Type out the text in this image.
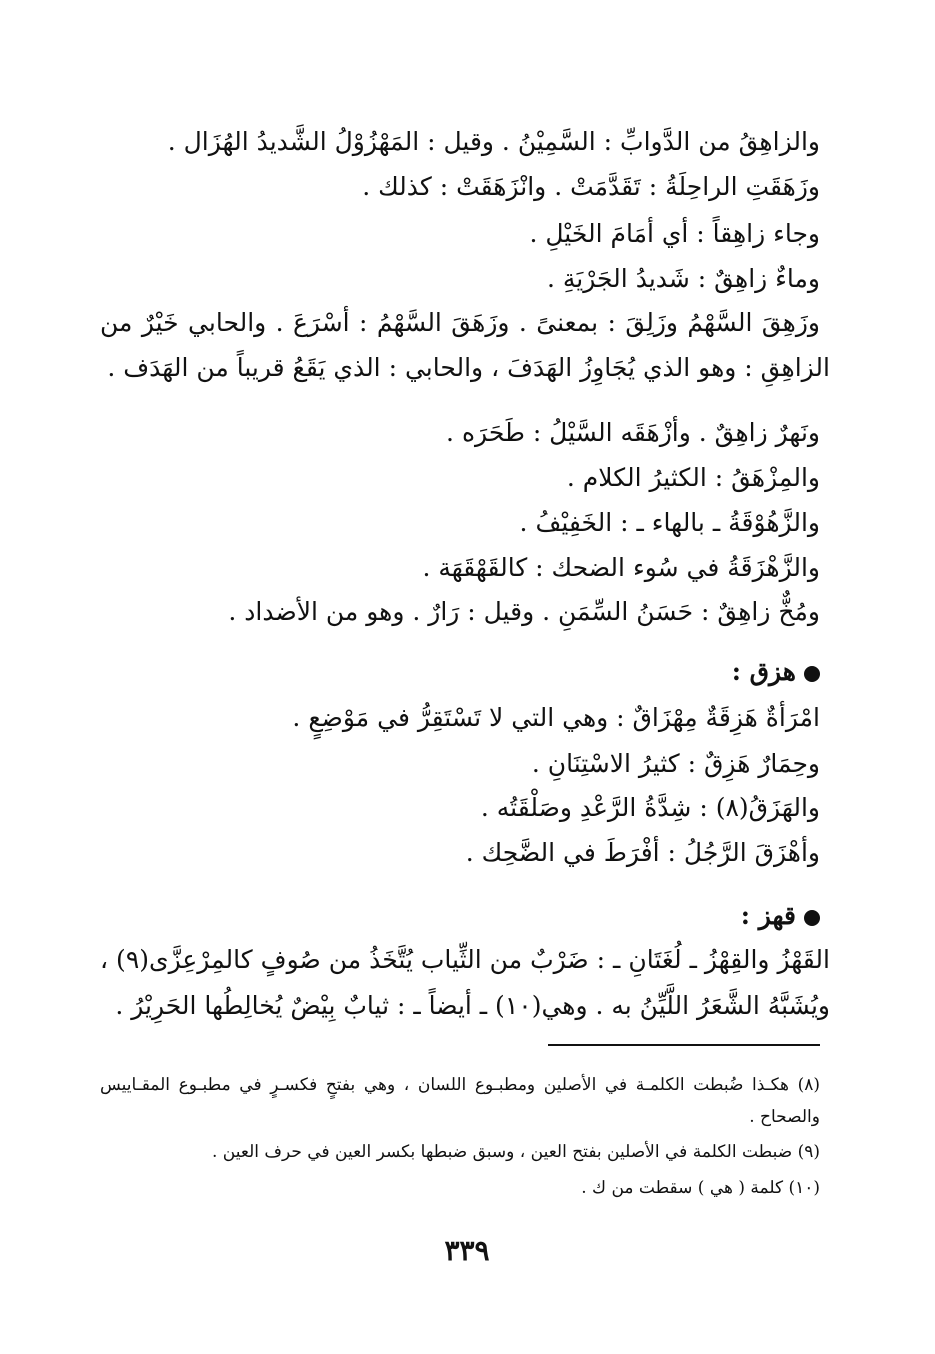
والزاهِقُ من الدَّوابِّ : السَّمِيْنُ . وقيل : المَهْزُوْلُ الشَّديدُ الهُزَال .
وزَهَقَتِ الراحِلَةُ : تَقَدَّمَتْ . وانْزَهَقَتْ : كذلك .
وجاء زاهِقاً : أي أمَامَ الخَيْلِ .
وماءٌ زاهِقٌ : شَديدُ الجَرْيَةِ .
وزَهِقَ السَّهْمُ وزَلِقَ : بمعنىً . وزَهَقَ السَّهْمُ : أسْرَعَ . والحابي خَيْرٌ من
الزاهِقِ : وهو الذي يُجَاوِزُ الهَدَفَ ، والحابي : الذي يَقَعُ قريباً من الهَدَف .
ونَهرٌ زاهِقٌ . وأزْهَقَه السَّيْلُ : طَحَرَه .
والمِزْهَقُ : الكثيرُ الكلام .
والزَّهُوْقَةُ ـ بالهاء ـ : الخَفِيْفُ .
والزَّهْزَقَةُ في سُوء الضحك : كالقَهْقَهَة .
ومُخٌّ زاهِقٌ : حَسَنُ السِّمَنِ . وقيل : رَارٌ . وهو من الأضداد .
هزق :
امْرَأةٌ هَزِقَةٌ مِهْزَاقٌ : وهي التي لا تَسْتَقِرُّ في مَوْضِعٍ .
وحِمَارٌ هَزِقٌ : كثيرُ الاسْتِنَانِ .
والهَزَقُ(٨) : شِدَّةُ الرَّعْدِ وصَلْقَتُه .
وأهْزَقَ الرَّجُلُ : أفْرَطَ في الضَّحِك .
قهز :
القَهْزُ والقِهْزُ ـ لُغَتَانِ ـ : ضَرْبٌ من الثِّياب يُتَّخَذُ من صُوفٍ كالمِرْعِزَّى(٩) ،
ويُشَبَّهُ الشَّعَرُ اللَّيِّنُ به . وهي(١٠) ـ أيضاً ـ : ثيابٌ بِيْضٌ يُخالِطُها الحَرِيْرُ .
(٨) هكـذا ضُبطت الكلمـة في الأصلين ومطبـوع اللسان ، وهي بفتحٍ فكسـرٍ في مطبـوع المقـاييس
والصحاح .
(٩) ضبطت الكلمة في الأصلين بفتح العين ، وسبق ضبطها بكسر العين في حرف العين .
(١٠) كلمة ( هي ) سقطت من ك .
٣٣٩
